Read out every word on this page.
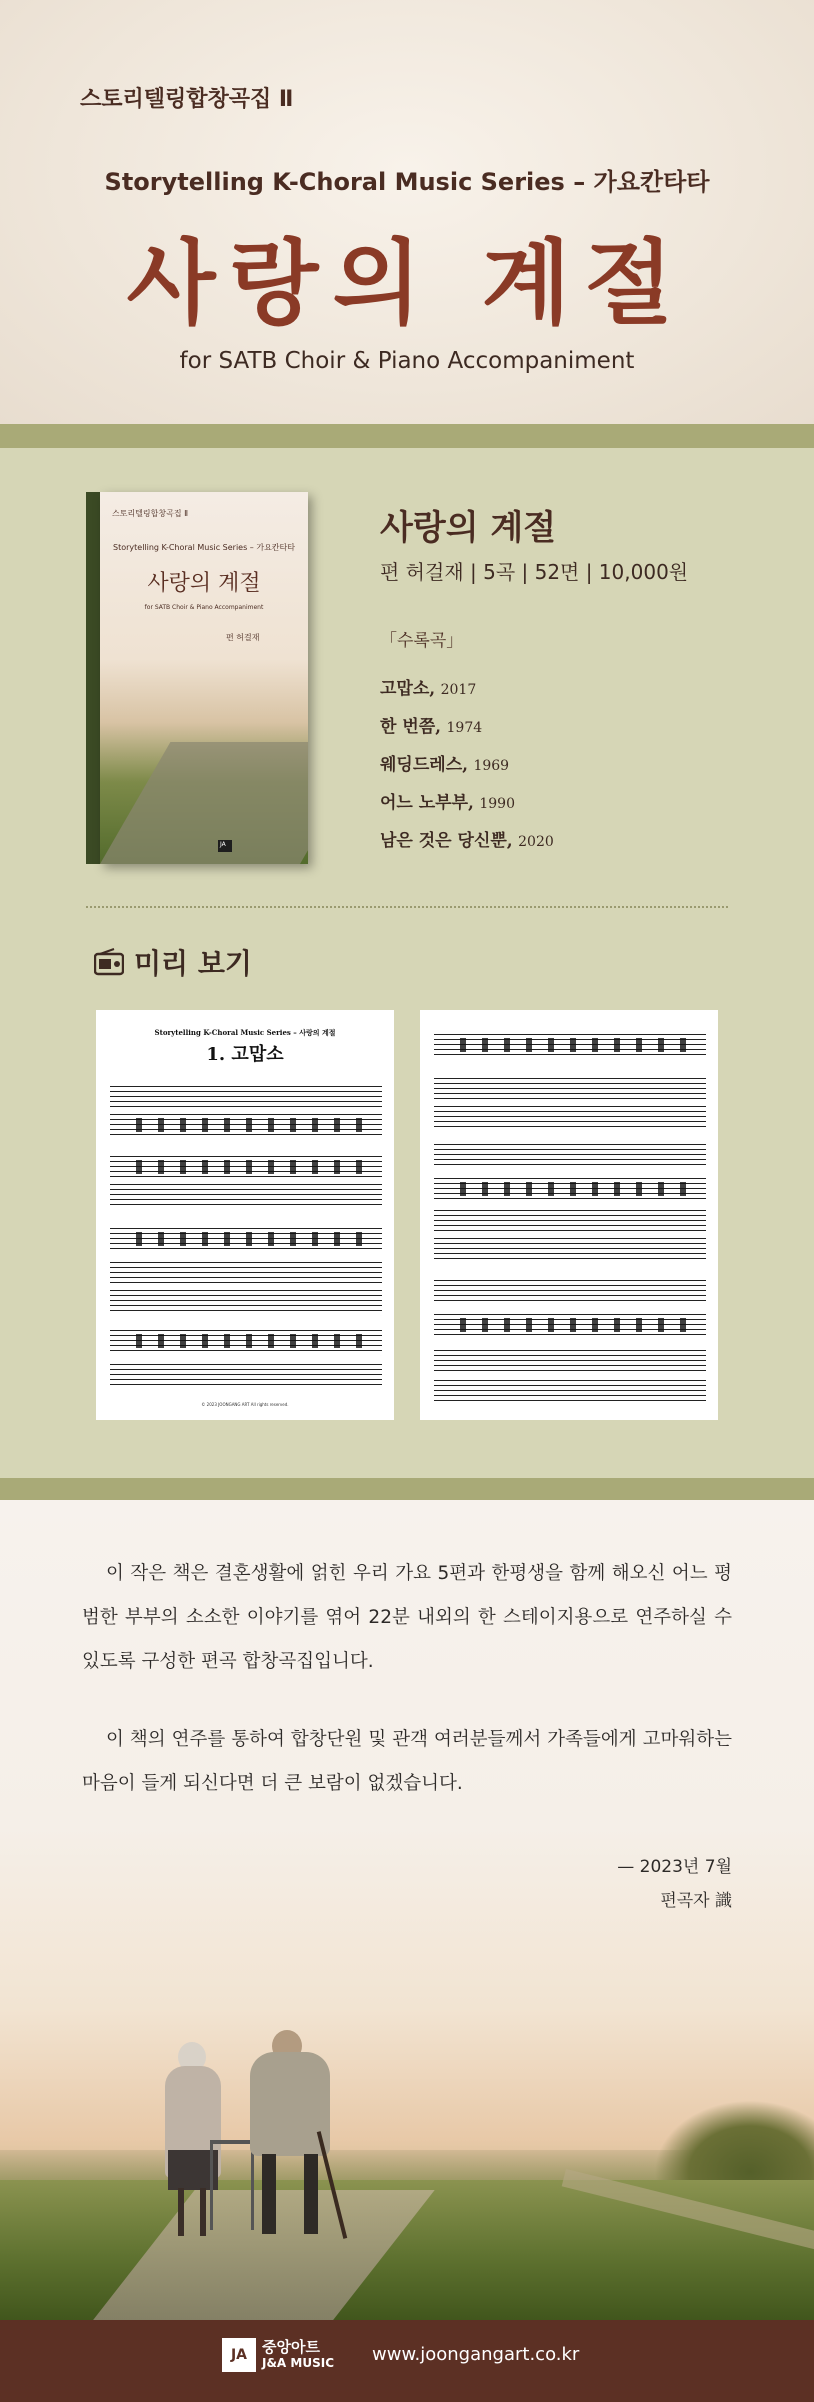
스토리텔링합창곡집 Ⅱ
Storytelling K-Choral Music Series – 가요칸타타
사랑의 계절
for SATB Choir & Piano Accompaniment
스토리텔링합창곡집 Ⅱ
Storytelling K-Choral Music Series – 가요칸타타
사랑의 계절
for SATB Choir & Piano Accompaniment
편 허걸재
JA
사랑의 계절
편 허걸재 | 5곡 | 52면 | 10,000원
「수록곡」
고맙소, 2017
한 번쯤, 1974
웨딩드레스, 1969
어느 노부부, 1990
남은 것은 당신뿐, 2020
미리 보기
Storytelling K-Choral Music Series – 사랑의 계절
1. 고맙소
© 2023 JOONGANG ART All rights reserved.

이 작은 책은 결혼생활에 얽힌 우리 가요 5편과 한평생을 함께 해오신 어느 평범한 부부의 소소한 이야기를 엮어 22분 내외의 한 스테이지용으로 연주하실 수 있도록 구성한 편곡 합창곡집입니다.

이 책의 연주를 통하여 합창단원 및 관객 여러분들께서 가족들에게 고마워하는 마음이 들게 되신다면 더 큰 보람이 없겠습니다.

— 2023년 7월
편곡자 識
JA 중앙아트
J&A MUSIC www.joongangart.co.kr
